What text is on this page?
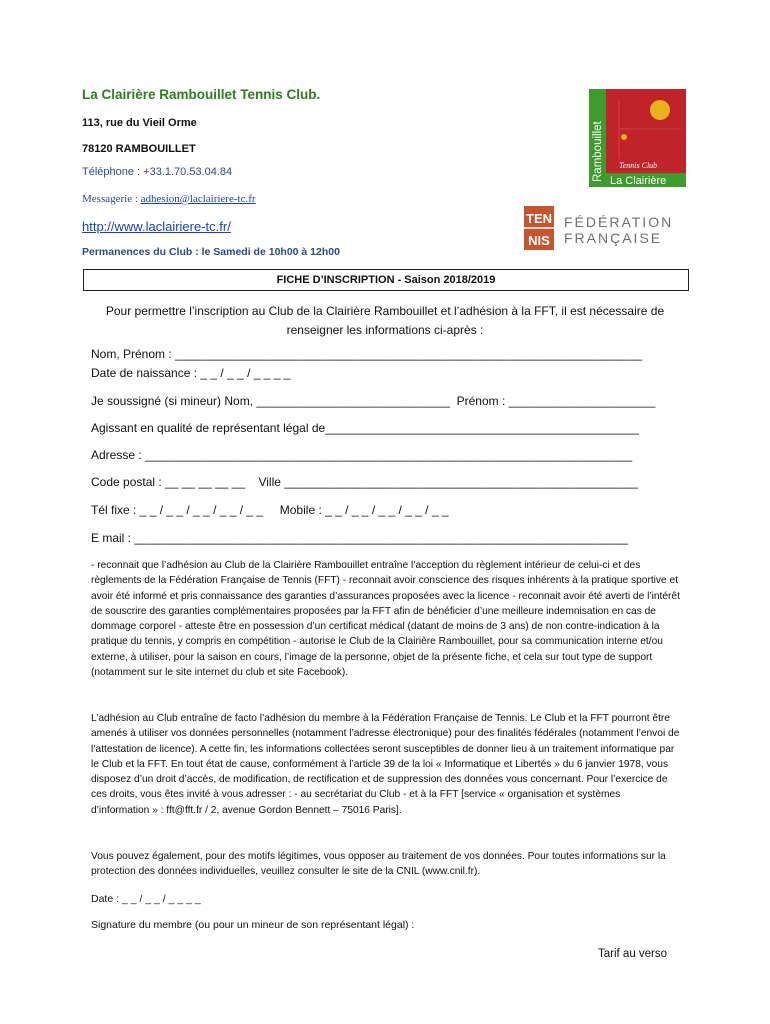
La Clairière Rambouillet Tennis Club.
113, rue du Vieil Orme
78120 RAMBOUILLET
Téléphone : +33.1.70.53.04.84
Messagerie : adhesion@laclairiere-tc.fr
http://www.laclairiere-tc.fr/
Permanences du Club : le Samedi de 10h00 à 12h00
Rambouillet Tennis Club
La Clairière
TEN
NIS
FÉDÉRATION
FRANÇAISE
FICHE D’INSCRIPTION - Saison 2018/2019
Pour permettre l’inscription au Club de la Clairière Rambouillet et l’adhésion à la FFT, il est nécessaire de renseigner les informations ci-après :
Nom, Prénom : ______________________________________________________________________
Date de naissance : _ _ / _ _ / _ _ _ _
Je soussigné (si mineur) Nom, _____________________________  Prénom : ______________________
Agissant en qualité de représentant légal de_______________________________________________
Adresse : _________________________________________________________________________
Code postal : __ __ __ __ __    Ville _____________________________________________________
Tél fixe : _ _ / _ _ / _ _ / _ _ / _ _     Mobile : _ _ / _ _ / _ _ / _ _ / _ _
E mail : __________________________________________________________________________
- reconnait que l’adhésion au Club de la Clairière Rambouillet entraîne l’acception du règlement intérieur de celui-ci et des règlements de la Fédération Française de Tennis (FFT) - reconnait avoir conscience des risques inhérents à la pratique sportive et avoir été informé et pris connaissance des garanties d’assurances proposées avec la licence - reconnait avoir été averti de l’intérêt de souscrire des garanties complémentaires proposées par la FFT afin de bénéficier d’une meilleure indemnisation en cas de dommage corporel - atteste être en possession d’un certificat médical (datant de moins de 3 ans) de non contre-indication à la pratique du tennis, y compris en compétition - autorise le Club de la Clairière Rambouillet, pour sa communication interne et/ou externe, à utiliser, pour la saison en cours, l’image de la personne, objet de la présente fiche, et cela sur tout type de support (notamment sur le site internet du club et site Facebook).
L’adhésion au Club entraîne de facto l’adhésion du membre à la Fédération Française de Tennis. Le Club et la FFT pourront être amenés à utiliser vos données personnelles (notamment l’adresse électronique) pour des finalités fédérales (notamment l’envoi de l’attestation de licence). A cette fin, les informations collectées seront susceptibles de donner lieu à un traitement informatique par le Club et la FFT. En tout état de cause, conformément à l’article 39 de la loi « Informatique et Libertés » du 6 janvier 1978, vous disposez d’un droit d’accès, de modification, de rectification et de suppression des données vous concernant. Pour l’exercice de ces droits, vous êtes invité à vous adresser : - au secrétariat du Club - et à la FFT [service « organisation et systèmes d’information » : fft@fft.fr / 2, avenue Gordon Bennett – 75016 Paris].
Vous pouvez également, pour des motifs légitimes, vous opposer au traitement de vos données. Pour toutes informations sur la protection des données individuelles, veuillez consulter le site de la CNIL (www.cnil.fr).
Date : _ _ / _ _ / _ _ _ _
Signature du membre (ou pour un mineur de son représentant légal) :
Tarif au verso
